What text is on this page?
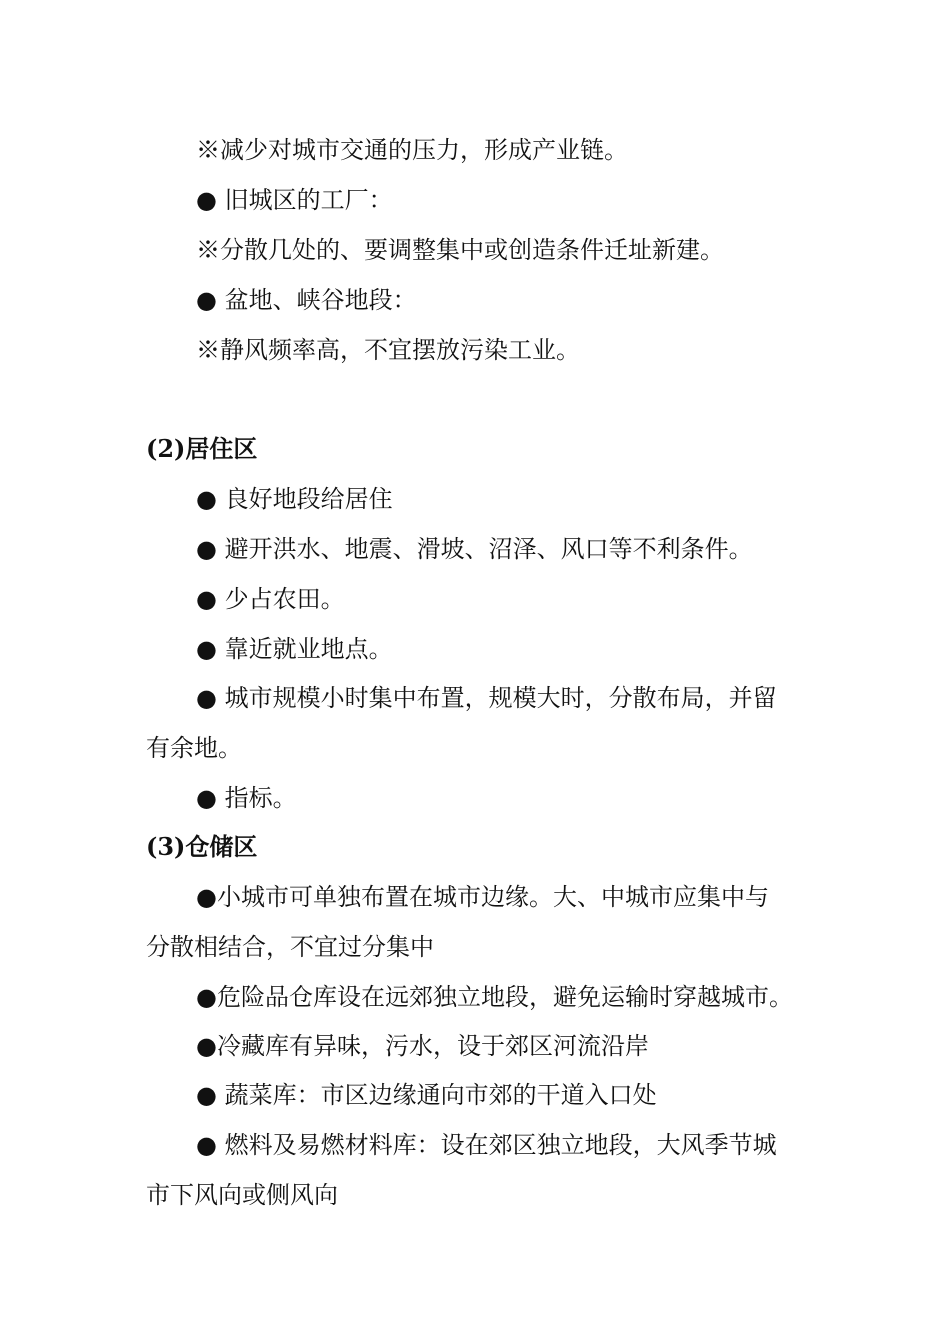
※减少对城市交通的压力，形成产业链。
● 旧城区的工厂：
※分散几处的、要调整集中或创造条件迁址新建。
● 盆地、峡谷地段：
※静风频率高，不宜摆放污染工业。
(2)居住区
● 良好地段给居住
● 避开洪水、地震、滑坡、沼泽、风口等不利条件。
● 少占农田。
● 靠近就业地点。
● 城市规模小时集中布置，规模大时，分散布局，并留
有余地。
● 指标。
(3)仓储区
●小城市可单独布置在城市边缘。大、中城市应集中与
分散相结合，不宜过分集中
●危险品仓库设在远郊独立地段，避免运输时穿越城市。
●冷藏库有异味，污水，设于郊区河流沿岸
● 蔬菜库：市区边缘通向市郊的干道入口处
● 燃料及易燃材料库：设在郊区独立地段，大风季节城
市下风向或侧风向
